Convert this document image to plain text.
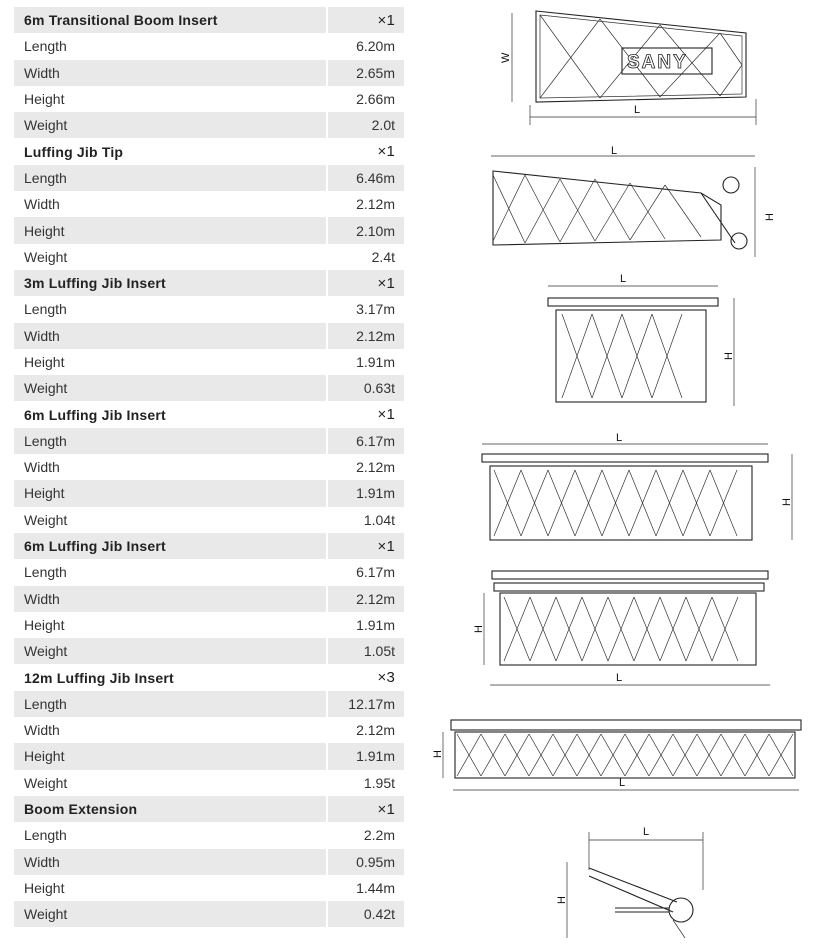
6m Transitional Boom Insert	×1
Length	6.20m
Width	2.65m
Height	2.66m
Weight	2.0t
Luffing Jib Tip	×1
Length	6.46m
Width	2.12m
Height	2.10m
Weight	2.4t
3m Luffing Jib Insert	×1
Length	3.17m
Width	2.12m
Height	1.91m
Weight	0.63t
6m Luffing Jib Insert	×1
Length	6.17m
Width	2.12m
Height	1.91m
Weight	1.04t
6m Luffing Jib Insert	×1
Length	6.17m
Width	2.12m
Height	1.91m
Weight	1.05t
12m Luffing Jib Insert	×3
Length	12.17m
Width	2.12m
Height	1.91m
Weight	1.95t
Boom Extension	×1
Length	2.2m
Width	0.95m
Height	1.44m
Weight	0.42t
SANY
W
L
L
H
L
H
L
H
H
L
H
L
L
H
